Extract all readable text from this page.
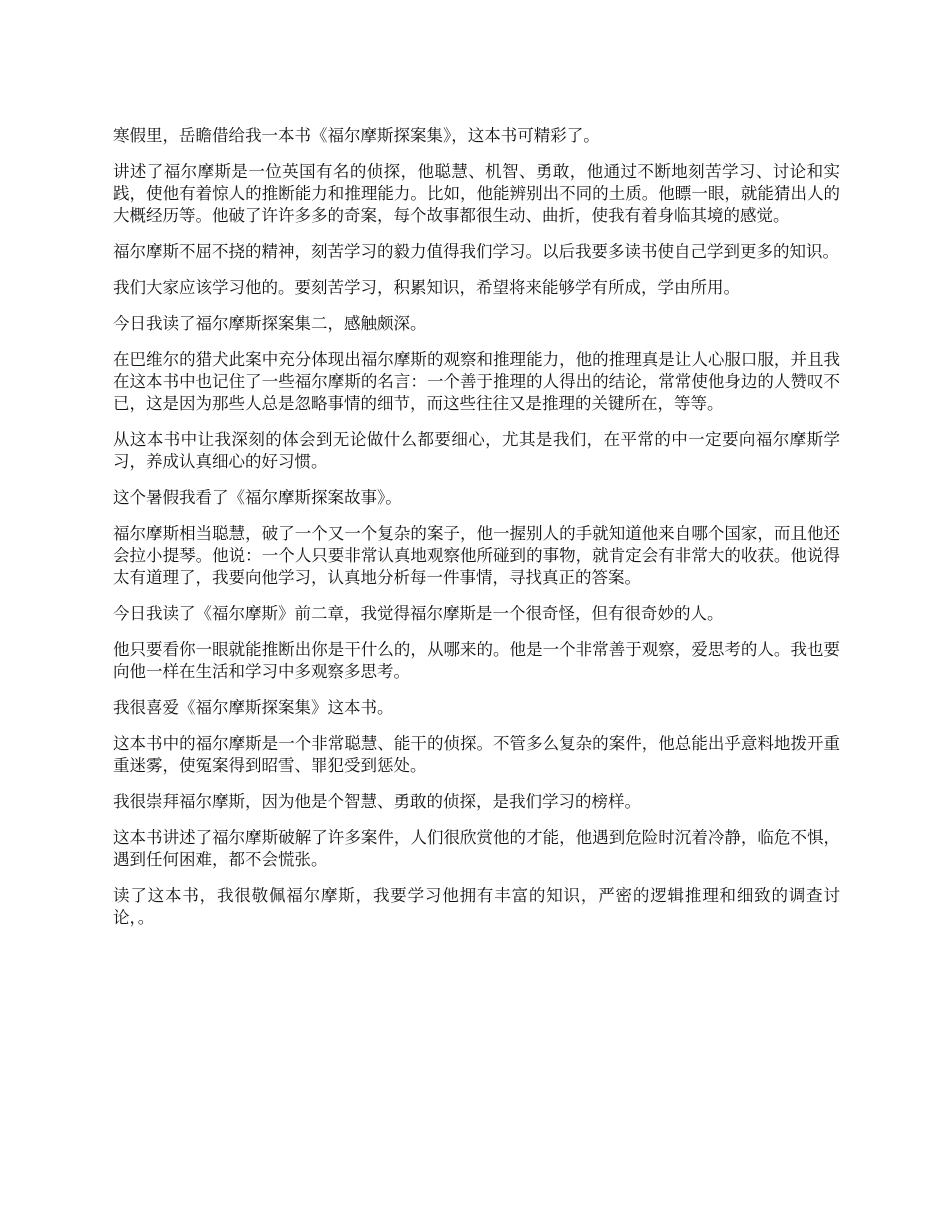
寒假里，岳瞻借给我一本书《福尔摩斯探案集》，这本书可精彩了。

讲述了福尔摩斯是一位英国有名的侦探，他聪慧、机智、勇敢，他通过不断地刻苦学习、讨论和实践，使他有着惊人的推断能力和推理能力。比如，他能辨别出不同的土质。他瞟一眼，就能猜出人的大概经历等。他破了许许多多的奇案，每个故事都很生动、曲折，使我有着身临其境的感觉。

福尔摩斯不屈不挠的精神，刻苦学习的毅力值得我们学习。以后我要多读书使自己学到更多的知识。

我们大家应该学习他的。要刻苦学习，积累知识，希望将来能够学有所成，学由所用。

今日我读了福尔摩斯探案集二，感触颇深。

在巴维尔的猎犬此案中充分体现出福尔摩斯的观察和推理能力，他的推理真是让人心服口服，并且我在这本书中也记住了一些福尔摩斯的名言：一个善于推理的人得出的结论，常常使他身边的人赞叹不已，这是因为那些人总是忽略事情的细节，而这些往往又是推理的关键所在，等等。

从这本书中让我深刻的体会到无论做什么都要细心，尤其是我们，在平常的中一定要向福尔摩斯学习，养成认真细心的好习惯。

这个暑假我看了《福尔摩斯探案故事》。

福尔摩斯相当聪慧，破了一个又一个复杂的案子，他一握别人的手就知道他来自哪个国家，而且他还会拉小提琴。他说：一个人只要非常认真地观察他所碰到的事物，就肯定会有非常大的收获。他说得太有道理了，我要向他学习，认真地分析每一件事情，寻找真正的答案。

今日我读了《福尔摩斯》前二章，我觉得福尔摩斯是一个很奇怪，但有很奇妙的人。

他只要看你一眼就能推断出你是干什么的，从哪来的。他是一个非常善于观察，爱思考的人。我也要向他一样在生活和学习中多观察多思考。

我很喜爱《福尔摩斯探案集》这本书。

这本书中的福尔摩斯是一个非常聪慧、能干的侦探。不管多么复杂的案件，他总能出乎意料地拨开重重迷雾，使冤案得到昭雪、罪犯受到惩处。

我很崇拜福尔摩斯，因为他是个智慧、勇敢的侦探，是我们学习的榜样。

这本书讲述了福尔摩斯破解了许多案件，人们很欣赏他的才能，他遇到危险时沉着冷静，临危不惧，遇到任何困难，都不会慌张。

读了这本书，我很敬佩福尔摩斯，我要学习他拥有丰富的知识，严密的逻辑推理和细致的调查讨论，。
